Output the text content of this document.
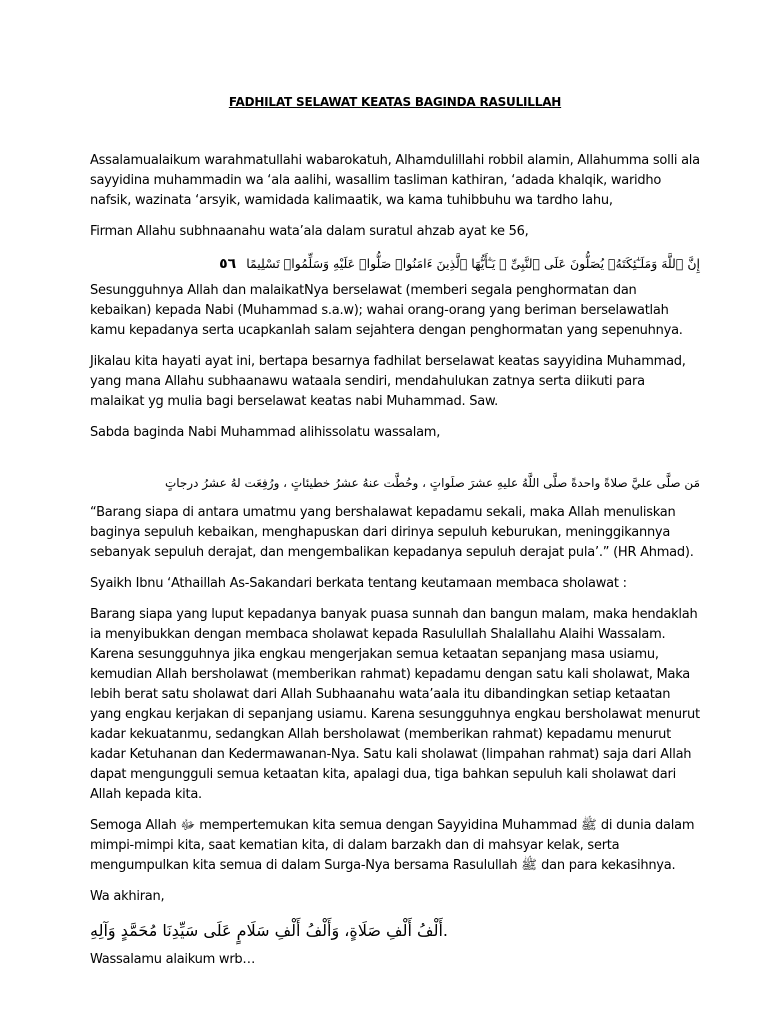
FADHILAT SELAWAT KEATAS BAGINDA RASULILLAH

Assalamualaikum warahmatullahi wabarokatuh, Alhamdulillahi robbil alamin, Allahumma solli ala sayyidina muhammadin wa ‘ala aalihi, wasallim tasliman kathiran, ‘adada khalqik, waridho nafsik, wazinata ‘arsyik, wamidada kalimaatik, wa kama tuhibbuhu wa tardho lahu,

Firman Allahu subhnaanahu wata’ala dalam suratul ahzab ayat ke 56,

إِنَّ ٱللَّهَ وَمَلَـٰٓئِكَتَهُۥ يُصَلُّونَ عَلَى ٱلنَّبِىِّ ۚ يَـٰٓأَيُّهَا ٱلَّذِينَ ءَامَنُوا۟ صَلُّوا۟ عَلَيْهِ وَسَلِّمُوا۟ تَسْلِيمًا ٥٦

Sesungguhnya Allah dan malaikatNya berselawat (memberi segala penghormatan dan kebaikan) kepada Nabi (Muhammad s.a.w); wahai orang-orang yang beriman berselawatlah kamu kepadanya serta ucapkanlah salam sejahtera dengan penghormatan yang sepenuhnya.

Jikalau kita hayati ayat ini, bertapa besarnya fadhilat berselawat keatas sayyidina Muhammad, yang mana Allahu subhaanawu wataala sendiri, mendahulukan zatnya serta diikuti para malaikat yg mulia bagi berselawat keatas nabi Muhammad. Saw.

Sabda baginda Nabi Muhammad alihissolatu wassalam,

مَن صلَّى عليَّ صلاةً واحدةً صلَّى اللَّهُ عليهِ عشرَ صلَواتٍ ، وحُطَّت عنهُ عشرُ خطيئاتٍ ، ورُفِعَت لهُ عشرُ درجاتٍ

“Barang siapa di antara umatmu yang bershalawat kepadamu sekali, maka Allah menuliskan baginya sepuluh kebaikan, menghapuskan dari dirinya sepuluh keburukan, meninggikannya sebanyak sepuluh derajat, dan mengembalikan kepadanya sepuluh derajat pula’.” (HR Ahmad).

Syaikh Ibnu ‘Athaillah As-Sakandari berkata tentang keutamaan membaca sholawat :

Barang siapa yang luput kepadanya banyak puasa sunnah dan bangun malam, maka hendaklah ia menyibukkan dengan membaca sholawat kepada Rasulullah Shalallahu Alaihi Wassalam. Karena sesungguhnya jika engkau mengerjakan semua ketaatan sepanjang masa usiamu, kemudian Allah bersholawat (memberikan rahmat) kepadamu dengan satu kali sholawat, Maka lebih berat satu sholawat dari Allah Subhaanahu wata’aala itu dibandingkan setiap ketaatan yang engkau kerjakan di sepanjang usiamu. Karena sesungguhnya engkau bersholawat menurut kadar kekuatanmu, sedangkan Allah bersholawat (memberikan rahmat) kepadamu menurut kadar Ketuhanan dan Kedermawanan-Nya. Satu kali sholawat (limpahan rahmat) saja dari Allah dapat mengungguli semua ketaatan kita, apalagi dua, tiga bahkan sepuluh kali sholawat dari Allah kepada kita.

Semoga Allah ﷻ mempertemukan kita semua dengan Sayyidina Muhammad ﷺ di dunia dalam mimpi-mimpi kita, saat kematian kita, di dalam barzakh dan di mahsyar kelak, serta mengumpulkan kita semua di dalam Surga-Nya bersama Rasulullah ﷺ dan para kekasihnya.

Wa akhiran,

أَلْفُ أَلْفِ صَلَاةٍ، وَأَلْفُ أَلْفِ سَلَامٍ عَلَى سَيِّدِنَا مُحَمَّدٍ وَآلِهِ.

Wassalamu alaikum wrb…
